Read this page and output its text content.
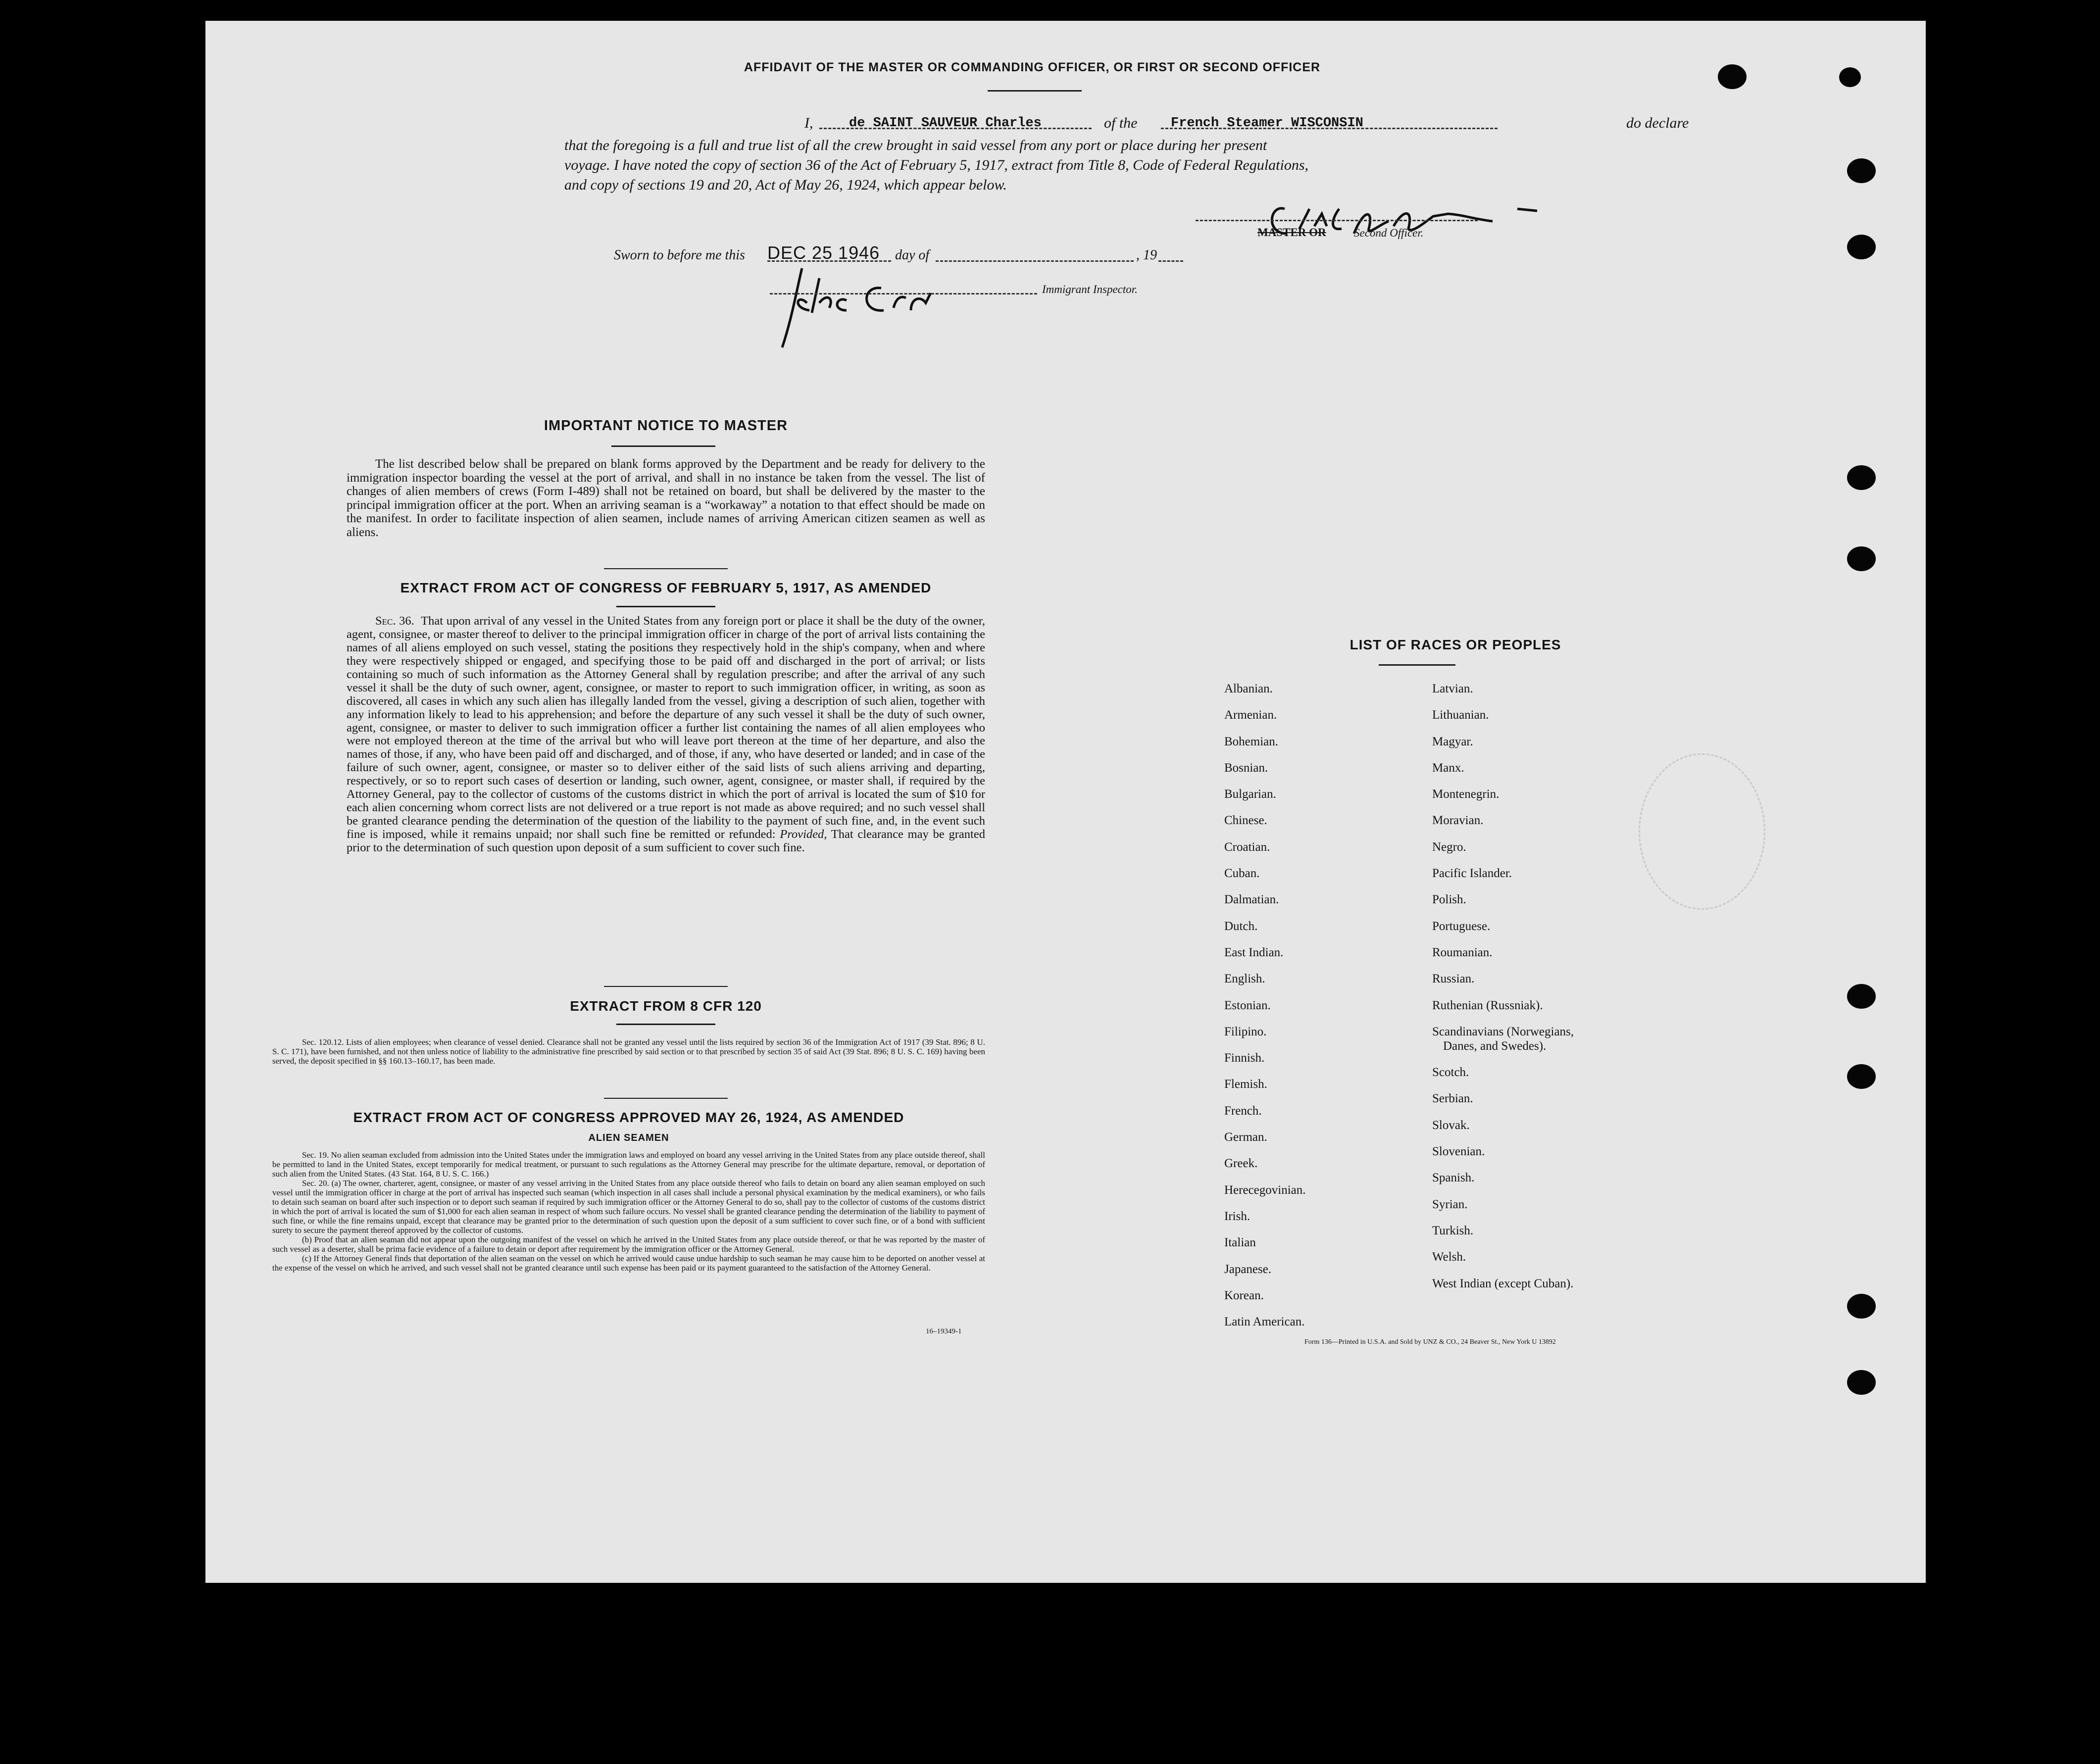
AFFIDAVIT OF THE MASTER OR COMMANDING OFFICER, OR FIRST OR SECOND OFFICER
I,	de SAINT SAUVEUR Charles	of the	French Steamer WISCONSIN	do declare
that the foregoing is a full and true list of all the crew brought in said vessel from any port or place during her present
voyage. I have noted the copy of section 36 of the Act of February 5, 1917, extract from Title 8, Code of Federal Regulations,
and copy of sections 19 and 20, Act of May 26, 1924, which appear below.
MASTER OR Second Officer.
Sworn to before me this DEC 25 1946 day of	, 19
Immigrant Inspector.
IMPORTANT NOTICE TO MASTER
The list described below shall be prepared on blank forms approved by the Department and be ready for delivery to the immigration inspector boarding the vessel at the port of arrival, and shall in no instance be taken from the vessel. The list of changes of alien members of crews (Form I-489) shall not be retained on board, but shall be delivered by the master to the principal immigration officer at the port. When an arriving seaman is a “workaway” a notation to that effect should be made on the manifest. In order to facilitate inspection of alien seamen, include names of arriving American citizen seamen as well as aliens.
EXTRACT FROM ACT OF CONGRESS OF FEBRUARY 5, 1917, AS AMENDED
Sec. 36. That upon arrival of any vessel in the United States from any foreign port or place it shall be the duty of the owner, agent, consignee, or master thereof to deliver to the principal immigration officer in charge of the port of arrival lists containing the names of all aliens employed on such vessel, stating the positions they respectively hold in the ship's company, when and where they were respectively shipped or engaged, and specifying those to be paid off and discharged in the port of arrival; or lists containing so much of such information as the Attorney General shall by regulation prescribe; and after the arrival of any such vessel it shall be the duty of such owner, agent, consignee, or master to report to such immigration officer, in writing, as soon as discovered, all cases in which any such alien has illegally landed from the vessel, giving a description of such alien, together with any information likely to lead to his apprehension; and before the departure of any such vessel it shall be the duty of such owner, agent, consignee, or master to deliver to such immigration officer a further list containing the names of all alien employees who were not employed thereon at the time of the arrival but who will leave port thereon at the time of her departure, and also the names of those, if any, who have been paid off and discharged, and of those, if any, who have deserted or landed; and in case of the failure of such owner, agent, consignee, or master so to deliver either of the said lists of such aliens arriving and departing, respectively, or so to report such cases of desertion or landing, such owner, agent, consignee, or master shall, if required by the Attorney General, pay to the collector of customs of the customs district in which the port of arrival is located the sum of $10 for each alien concerning whom correct lists are not delivered or a true report is not made as above required; and no such vessel shall be granted clearance pending the determination of the question of the liability to the payment of such fine, and, in the event such fine is imposed, while it remains unpaid; nor shall such fine be remitted or refunded: Provided, That clearance may be granted prior to the determination of such question upon deposit of a sum sufficient to cover such fine.
EXTRACT FROM 8 CFR 120
Sec. 120.12. Lists of alien employees; when clearance of vessel denied. Clearance shall not be granted any vessel until the lists required by section 36 of the Immigration Act of 1917 (39 Stat. 896; 8 U. S. C. 171), have been furnished, and not then unless notice of liability to the administrative fine prescribed by said section or to that prescribed by section 35 of said Act (39 Stat. 896; 8 U. S. C. 169) having been served, the deposit specified in §§ 160.13–160.17, has been made.
EXTRACT FROM ACT OF CONGRESS APPROVED MAY 26, 1924, AS AMENDED
ALIEN SEAMEN
Sec. 19. No alien seaman excluded from admission into the United States under the immigration laws and employed on board any vessel arriving in the United States from any place outside thereof, shall be permitted to land in the United States, except temporarily for medical treatment, or pursuant to such regulations as the Attorney General may prescribe for the ultimate departure, removal, or deportation of such alien from the United States. (43 Stat. 164, 8 U. S. C. 166.)
Sec. 20. (a) The owner, charterer, agent, consignee, or master of any vessel arriving in the United States from any place outside thereof who fails to detain on board any alien seaman employed on such vessel until the immigration officer in charge at the port of arrival has inspected such seaman (which inspection in all cases shall include a personal physical examination by the medical examiners), or who fails to detain such seaman on board after such inspection or to deport such seaman if required by such immigration officer or the Attorney General to do so, shall pay to the collector of customs of the customs district in which the port of arrival is located the sum of $1,000 for each alien seaman in respect of whom such failure occurs. No vessel shall be granted clearance pending the determination of the liability to payment of such fine, or while the fine remains unpaid, except that clearance may be granted prior to the determination of such question upon the deposit of a sum sufficient to cover such fine, or of a bond with sufficient surety to secure the payment thereof approved by the collector of customs.
(b) Proof that an alien seaman did not appear upon the outgoing manifest of the vessel on which he arrived in the United States from any place outside thereof, or that he was reported by the master of such vessel as a deserter, shall be prima facie evidence of a failure to detain or deport after requirement by the immigration officer or the Attorney General.
(c) If the Attorney General finds that deportation of the alien seaman on the vessel on which he arrived would cause undue hardship to such seaman he may cause him to be deported on another vessel at the expense of the vessel on which he arrived, and such vessel shall not be granted clearance until such expense has been paid or its payment guaranteed to the satisfaction of the Attorney General.
16–19349-1
LIST OF RACES OR PEOPLES
Albanian.
Armenian.
Bohemian.
Bosnian.
Bulgarian.
Chinese.
Croatian.
Cuban.
Dalmatian.
Dutch.
East Indian.
English.
Estonian.
Filipino.
Finnish.
Flemish.
French.
German.
Greek.
Herecegovinian.
Irish.
Italian
Japanese.
Korean.
Latin American.
Latvian.
Lithuanian.
Magyar.
Manx.
Montenegrin.
Moravian.
Negro.
Pacific Islander.
Polish.
Portuguese.
Roumanian.
Russian.
Ruthenian (Russniak).
Scandinavians (Norwegians,
Danes, and Swedes).
Scotch.
Serbian.
Slovak.
Slovenian.
Spanish.
Syrian.
Turkish.
Welsh.
West Indian (except Cuban).
Form 136—Printed in U.S.A. and Sold by UNZ & CO., 24 Beaver St., New York U 13892
